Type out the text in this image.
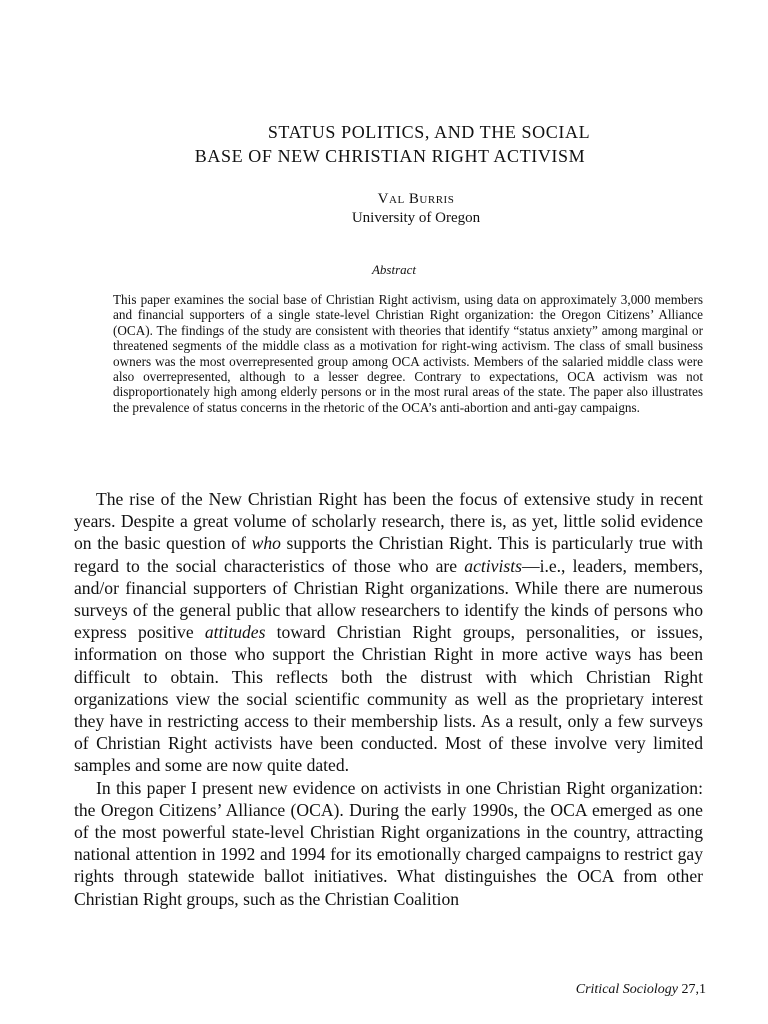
STATUS POLITICS, AND THE SOCIAL
BASE OF NEW CHRISTIAN RIGHT ACTIVISM
Val Burris
University of Oregon
Abstract
This paper examines the social base of Christian Right activism, using data on approximately 3,000 members and financial supporters of a single state-level Christian Right organization: the Oregon Citizens’ Alliance (OCA). The findings of the study are consistent with theories that identify “status anxiety” among marginal or threatened segments of the middle class as a motivation for right-wing activism. The class of small business owners was the most overrepresented group among OCA activists. Members of the salaried middle class were also overrepresented, although to a lesser degree. Contrary to expectations, OCA activism was not disproportionately high among elderly persons or in the most rural areas of the state. The paper also illustrates the prevalence of status concerns in the rhetoric of the OCA’s anti-abortion and anti-gay campaigns.

The rise of the New Christian Right has been the focus of extensive study in recent years. Despite a great volume of scholarly research, there is, as yet, little solid evidence on the basic question of who supports the Christian Right. This is particularly true with regard to the social characteristics of those who are activists—i.e., leaders, members, and/or financial supporters of Christian Right organizations. While there are numerous surveys of the general public that allow researchers to identify the kinds of persons who express positive attitudes toward Christian Right groups, personalities, or issues, information on those who support the Christian Right in more active ways has been difficult to obtain. This reflects both the distrust with which Christian Right organizations view the social scientific community as well as the proprietary interest they have in restricting access to their membership lists. As a result, only a few surveys of Christian Right activists have been conducted. Most of these involve very limited samples and some are now quite dated.

In this paper I present new evidence on activists in one Christian Right organization: the Oregon Citizens’ Alliance (OCA). During the early 1990s, the OCA emerged as one of the most powerful state-level Christian Right organizations in the country, attracting national attention in 1992 and 1994 for its emotionally charged campaigns to restrict gay rights through statewide ballot initiatives. What distinguishes the OCA from other Christian Right groups, such as the Christian Coalition

Critical Sociology 27,1
